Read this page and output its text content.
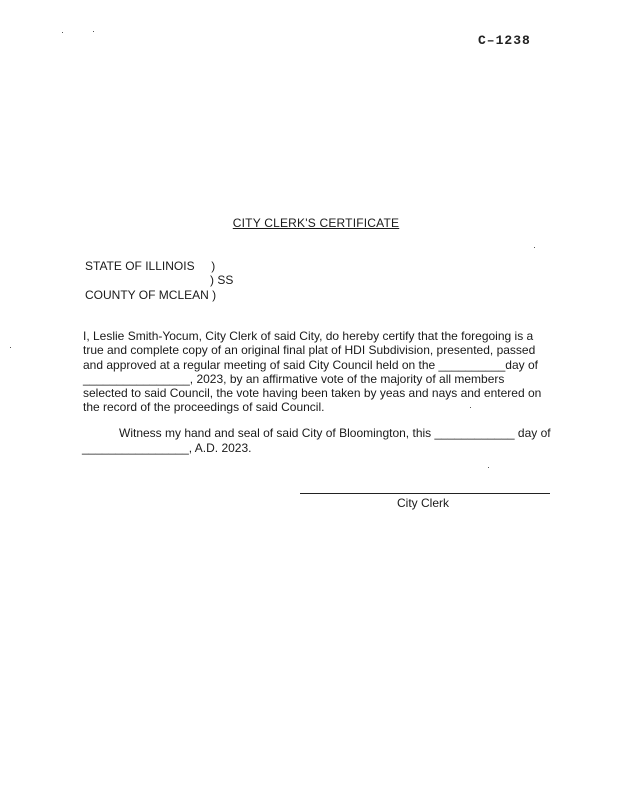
C–1238
CITY CLERK'S CERTIFICATE
STATE OF ILLINOIS     )
) SS
COUNTY OF MCLEAN )
I, Leslie Smith-Yocum, City Clerk of said City, do hereby certify that the foregoing is a
true and complete copy of an original final plat of HDI Subdivision, presented, passed
and approved at a regular meeting of said City Council held on the __________day of
________________, 2023, by an affirmative vote of the majority of all members
selected to said Council, the vote having been taken by yeas and nays and entered on
the record of the proceedings of said Council.
Witness my hand and seal of said City of Bloomington, this ____________ day of
________________, A.D. 2023.
City Clerk
